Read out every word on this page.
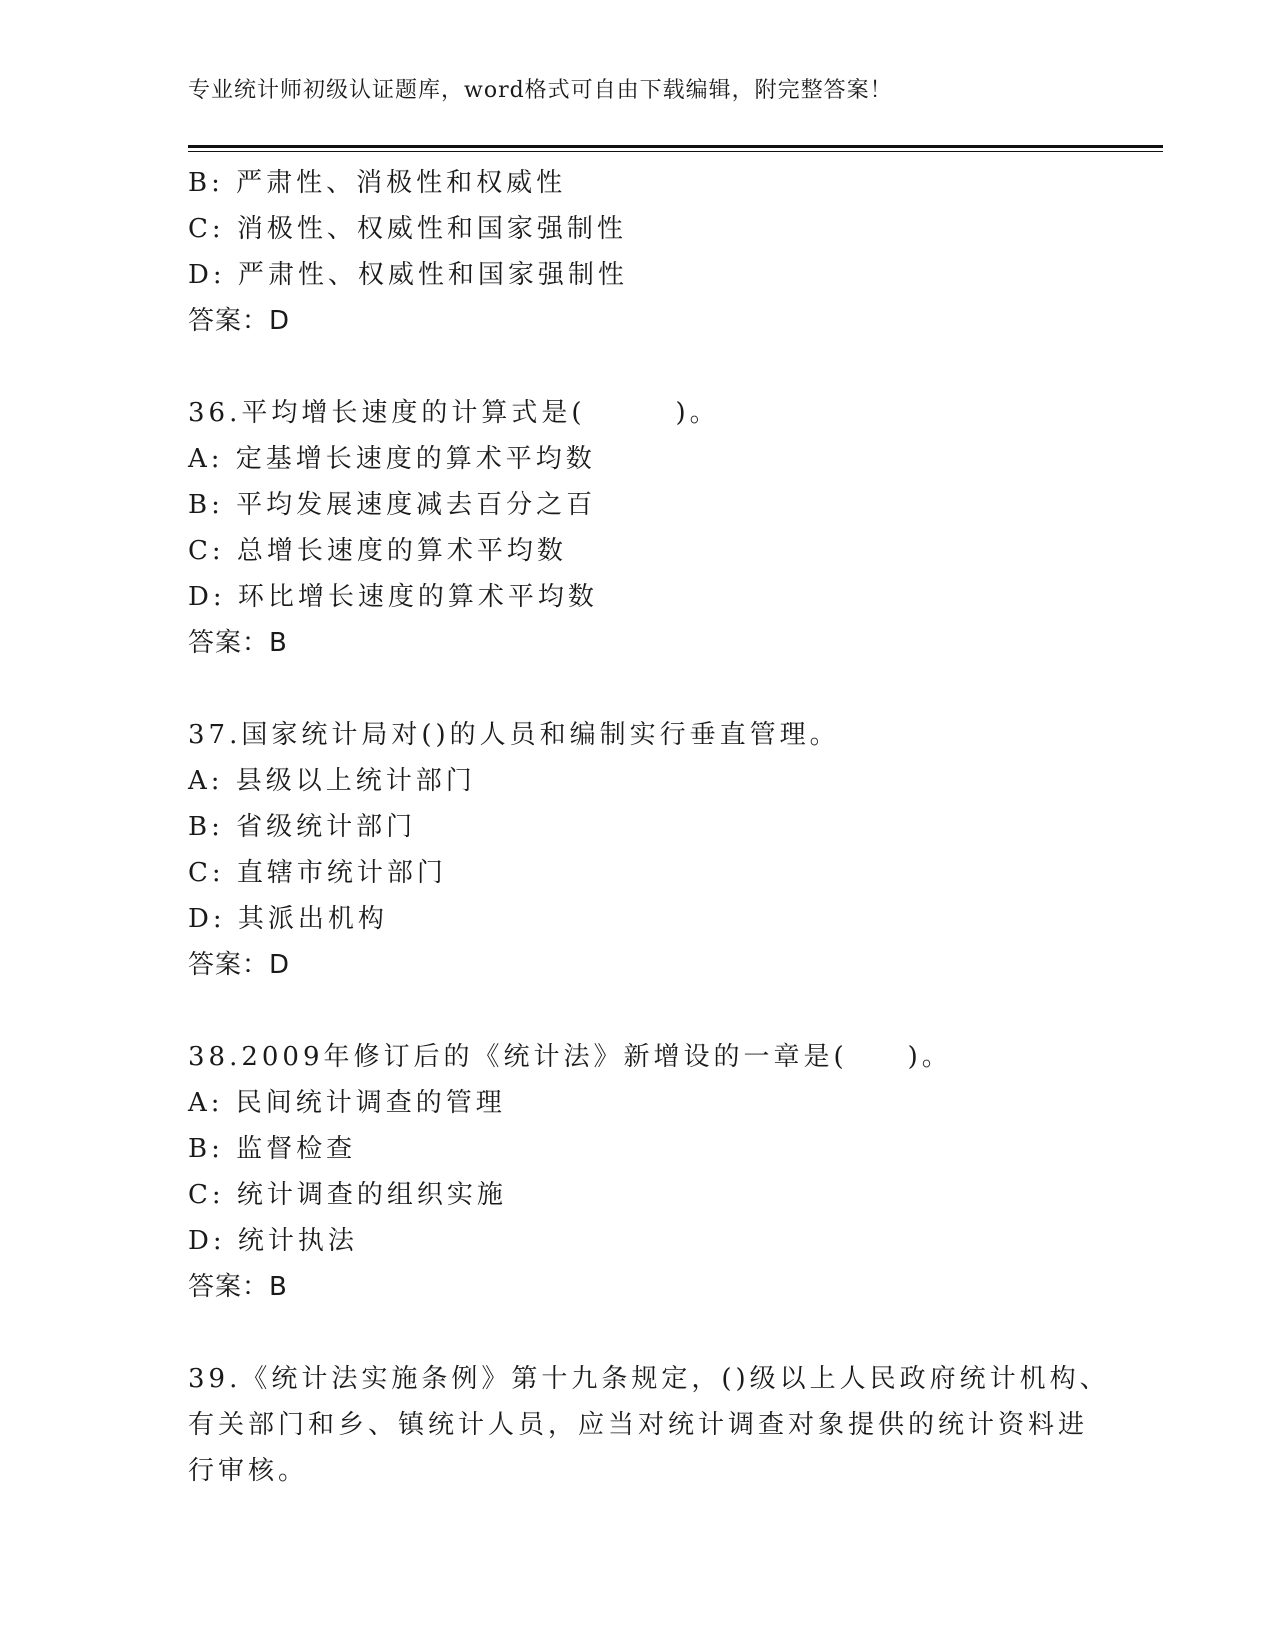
专业统计师初级认证题库，word格式可自由下载编辑，附完整答案！
B: 严肃性、消极性和权威性
C: 消极性、权威性和国家强制性
D: 严肃性、权威性和国家强制性
答案：D
36.平均增长速度的计算式是(　　　)。
A: 定基增长速度的算术平均数
B: 平均发展速度减去百分之百
C: 总增长速度的算术平均数
D: 环比增长速度的算术平均数
答案：B
37.国家统计局对()的人员和编制实行垂直管理。
A: 县级以上统计部门
B: 省级统计部门
C: 直辖市统计部门
D: 其派出机构
答案：D
38.2009年修订后的《统计法》新增设的一章是(　　)。
A: 民间统计调查的管理
B: 监督检查
C: 统计调查的组织实施
D: 统计执法
答案：B
39.《统计法实施条例》第十九条规定，()级以上人民政府统计机构、
有关部门和乡、镇统计人员，应当对统计调查对象提供的统计资料进
行审核。
